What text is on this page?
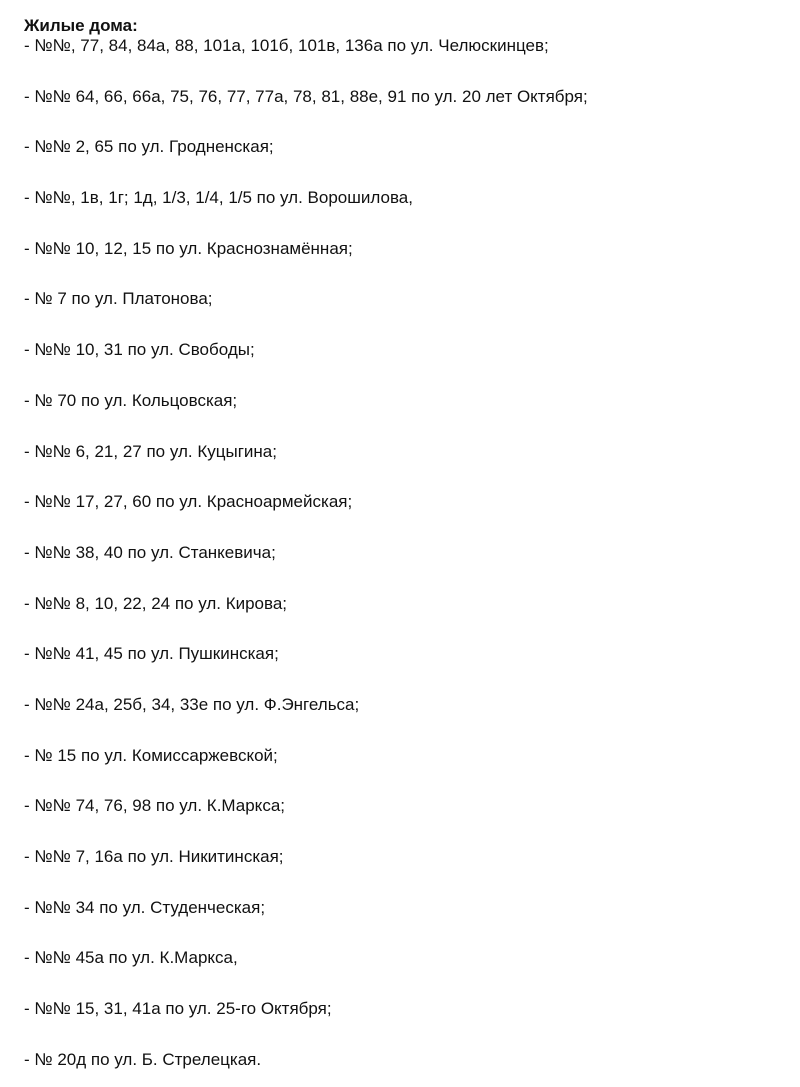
Жилые дома:
- №№, 77, 84, 84а, 88, 101а, 101б, 101в, 136а по ул. Челюскинцев;
- №№ 64, 66, 66а, 75, 76, 77, 77а, 78, 81, 88е, 91 по ул. 20 лет Октября;
- №№ 2, 65 по ул. Гродненская;
- №№, 1в, 1г; 1д, 1/3, 1/4, 1/5 по ул. Ворошилова,
- №№ 10, 12, 15 по ул. Краснознамённая;
- № 7 по ул. Платонова;
- №№ 10, 31 по ул. Свободы;
- № 70 по ул. Кольцовская;
- №№ 6, 21, 27 по ул. Куцыгина;
- №№ 17, 27, 60 по ул. Красноармейская;
- №№ 38, 40 по ул. Станкевича;
- №№ 8, 10, 22, 24 по ул. Кирова;
- №№ 41, 45 по ул. Пушкинская;
- №№ 24а, 25б, 34, 33е по ул. Ф.Энгельса;
- № 15 по ул. Комиссаржевской;
- №№ 74, 76, 98 по ул. К.Маркса;
- №№ 7, 16а по ул. Никитинская;
- №№ 34 по ул. Студенческая;
- №№ 45а по ул. К.Маркса,
- №№ 15, 31, 41а по ул. 25-го Октября;
- № 20д по ул. Б. Стрелецкая.
